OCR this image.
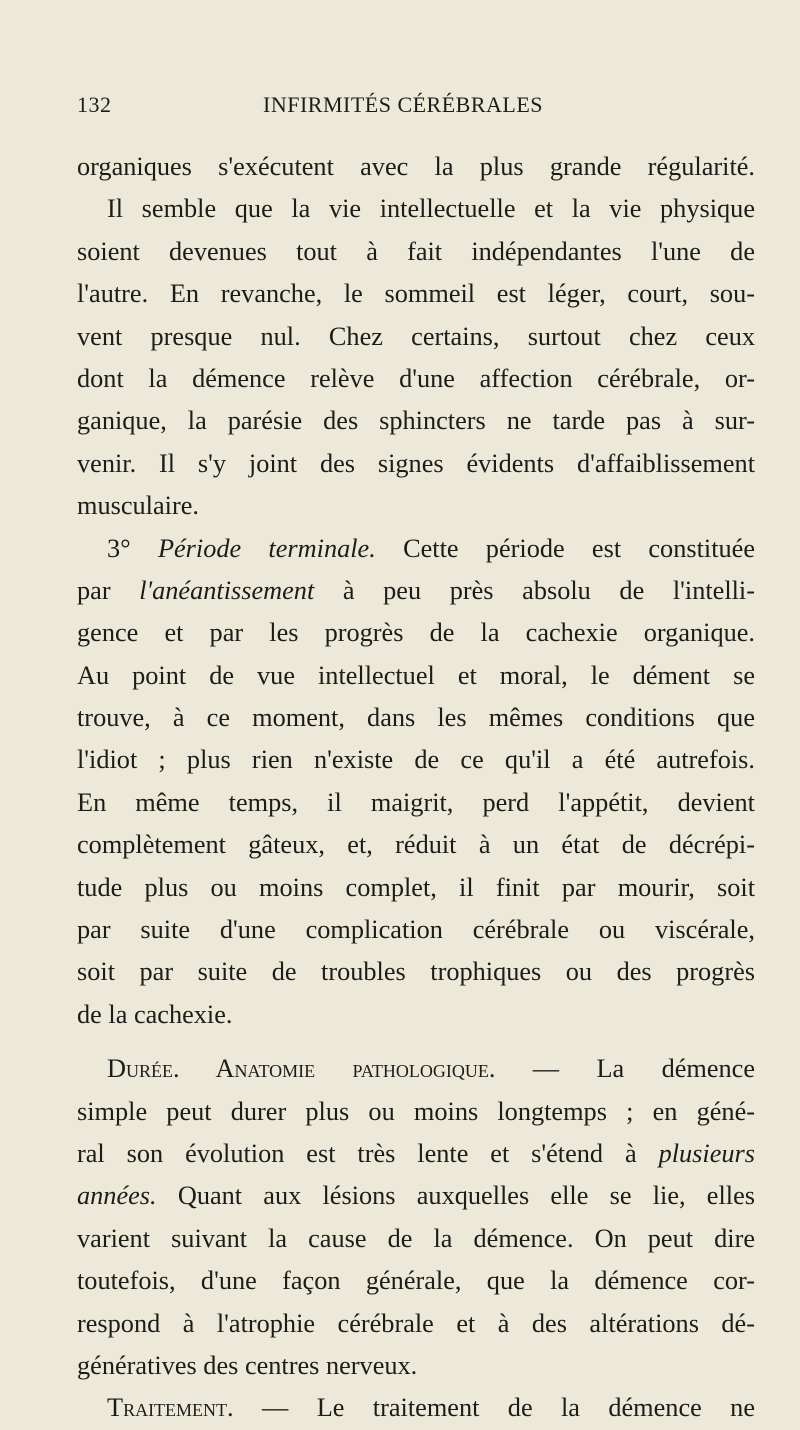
132	INFIRMITÉS CÉRÉBRALES
organiques s'exécutent avec la plus grande régularité.
Il semble que la vie intellectuelle et la vie physique
soient devenues tout à fait indépendantes l'une de
l'autre. En revanche, le sommeil est léger, court, sou-
vent presque nul. Chez certains, surtout chez ceux
dont la démence relève d'une affection cérébrale, or-
ganique, la parésie des sphincters ne tarde pas à sur-
venir. Il s'y joint des signes évidents d'affaiblissement
musculaire.
3° Période terminale. Cette période est constituée
par l'anéantissement à peu près absolu de l'intelli-
gence et par les progrès de la cachexie organique.
Au point de vue intellectuel et moral, le dément se
trouve, à ce moment, dans les mêmes conditions que
l'idiot ; plus rien n'existe de ce qu'il a été autrefois.
En même temps, il maigrit, perd l'appétit, devient
complètement gâteux, et, réduit à un état de décrépi-
tude plus ou moins complet, il finit par mourir, soit
par suite d'une complication cérébrale ou viscérale,
soit par suite de troubles trophiques ou des progrès
de la cachexie.
Durée. Anatomie pathologique. — La démence
simple peut durer plus ou moins longtemps ; en géné-
ral son évolution est très lente et s'étend à plusieurs
années. Quant aux lésions auxquelles elle se lie, elles
varient suivant la cause de la démence. On peut dire
toutefois, d'une façon générale, que la démence cor-
respond à l'atrophie cérébrale et à des altérations dé-
génératives des centres nerveux.
Traitement. — Le traitement de la démence ne
